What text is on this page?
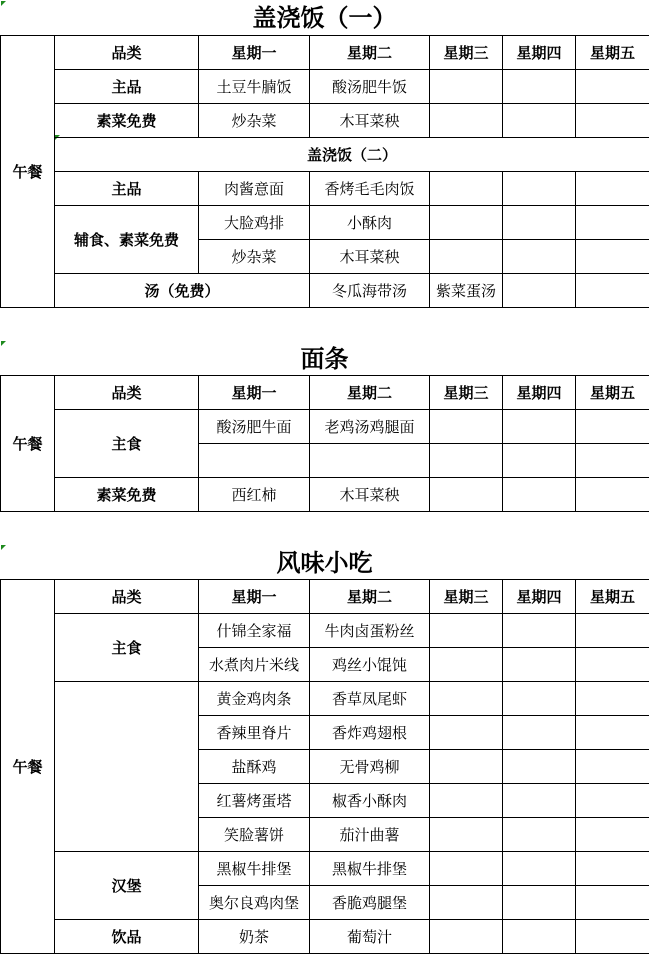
盖浇饭（一）
午餐	品类	星期一	星期二	星期三	星期四	星期五	
	主品	土豆牛腩饭	酸汤肥牛饭				
	素菜免费	炒杂菜	木耳菜秧				
	盖浇饭（二）						
	主品	肉酱意面	香烤毛毛肉饭				
	辅食、素菜免费	大脸鸡排	小酥肉				
		炒杂菜	木耳菜秧				
	汤（免费）		冬瓜海带汤	紫菜蛋汤			
面条
午餐	品类	星期一	星期二	星期三	星期四	星期五
	主食	酸汤肥牛面	老鸡汤鸡腿面			

	素菜免费	西红柿	木耳菜秧			
风味小吃
午餐	品类	星期一	星期二	星期三	星期四	星期五
	主食	什锦全家福	牛肉卤蛋粉丝			
		水煮肉片米线	鸡丝小馄饨			
		黄金鸡肉条	香草凤尾虾			
		香辣里脊片	香炸鸡翅根			
		盐酥鸡	无骨鸡柳			
		红薯烤蛋塔	椒香小酥肉			
		笑脸薯饼	茄汁曲薯			
	汉堡	黑椒牛排堡	黑椒牛排堡			
		奥尔良鸡肉堡	香脆鸡腿堡			
	饮品	奶茶	葡萄汁			
